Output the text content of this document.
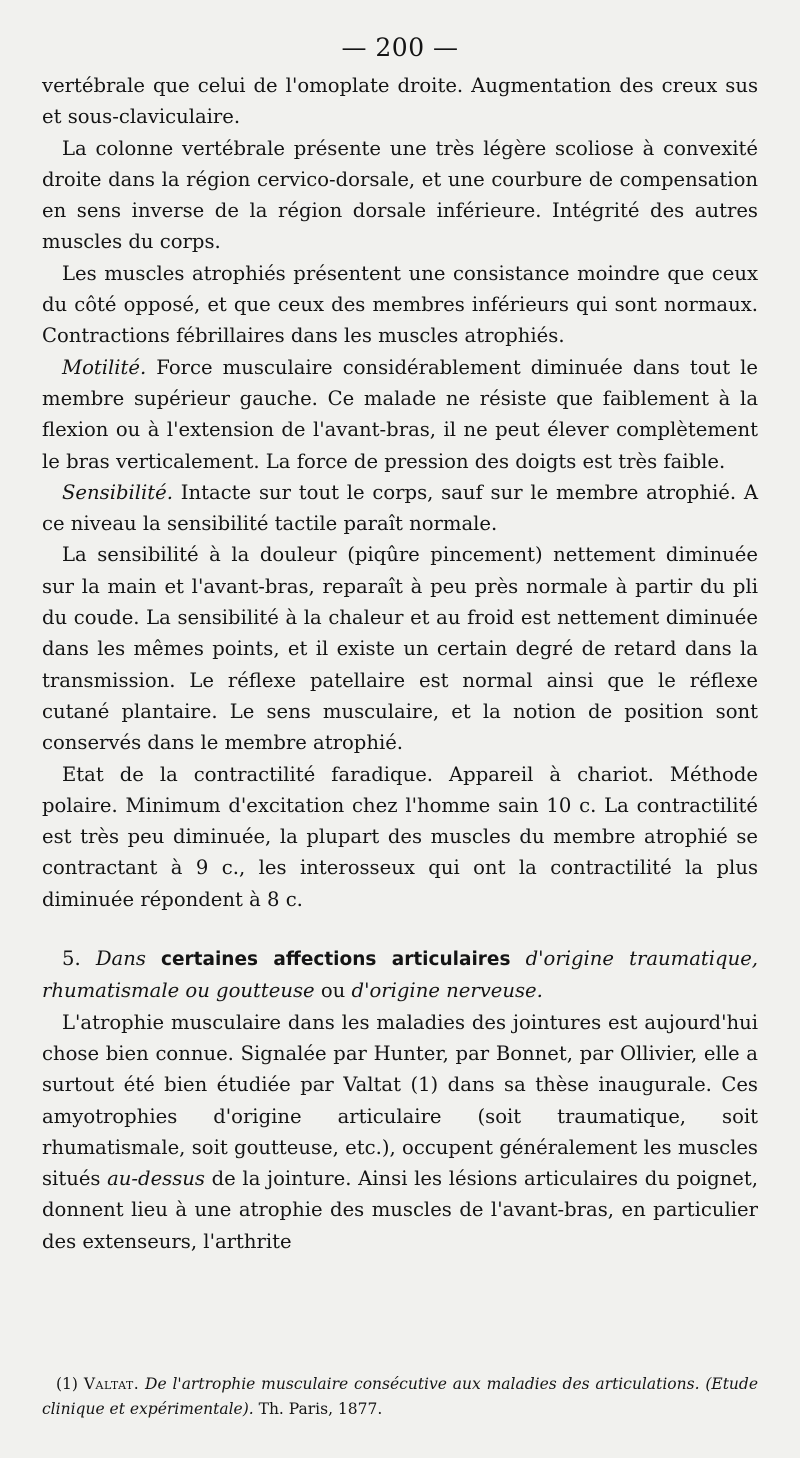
— 200 —

vertébrale que celui de l'omoplate droite. Augmentation des creux sus et sous-claviculaire.

La colonne vertébrale présente une très légère scoliose à convexité droite dans la région cervico-dorsale, et une courbure de compensation en sens inverse de la région dorsale inférieure. Intégrité des autres muscles du corps.

Les muscles atrophiés présentent une consistance moindre que ceux du côté opposé, et que ceux des membres inférieurs qui sont normaux. Contractions fébrillaires dans les muscles atrophiés.

Motilité. Force musculaire considérablement diminuée dans tout le membre supérieur gauche. Ce malade ne résiste que faiblement à la flexion ou à l'extension de l'avant-bras, il ne peut élever complètement le bras verticalement. La force de pression des doigts est très faible.

Sensibilité. Intacte sur tout le corps, sauf sur le membre atrophié. A ce niveau la sensibilité tactile paraît normale.

La sensibilité à la douleur (piqûre pincement) nettement diminuée sur la main et l'avant-bras, reparaît à peu près normale à partir du pli du coude. La sensibilité à la chaleur et au froid est nettement diminuée dans les mêmes points, et il existe un certain degré de retard dans la transmission. Le réflexe patellaire est normal ainsi que le réflexe cutané plantaire. Le sens musculaire, et la notion de position sont conservés dans le membre atrophié.

Etat de la contractilité faradique. Appareil à chariot. Méthode polaire. Minimum d'excitation chez l'homme sain 10 c. La contractilité est très peu diminuée, la plupart des muscles du membre atrophié se contractant à 9 c., les interosseux qui ont la contractilité la plus diminuée répondent à 8 c.

5. Dans certaines affections articulaires d'origine traumatique, rhumatismale ou goutteuse ou d'origine nerveuse.

L'atrophie musculaire dans les maladies des jointures est aujourd'hui chose bien connue. Signalée par Hunter, par Bonnet, par Ollivier, elle a surtout été bien étudiée par Valtat (1) dans sa thèse inaugurale. Ces amyotrophies d'origine articulaire (soit traumatique, soit rhumatismale, soit goutteuse, etc.), occupent généralement les muscles situés au-dessus de la jointure. Ainsi les lésions articulaires du poignet, donnent lieu à une atrophie des muscles de l'avant-bras, en particulier des extenseurs, l'arthrite

(1) Valtat. De l'artrophie musculaire consécutive aux maladies des articulations. (Etude clinique et expérimentale). Th. Paris, 1877.
